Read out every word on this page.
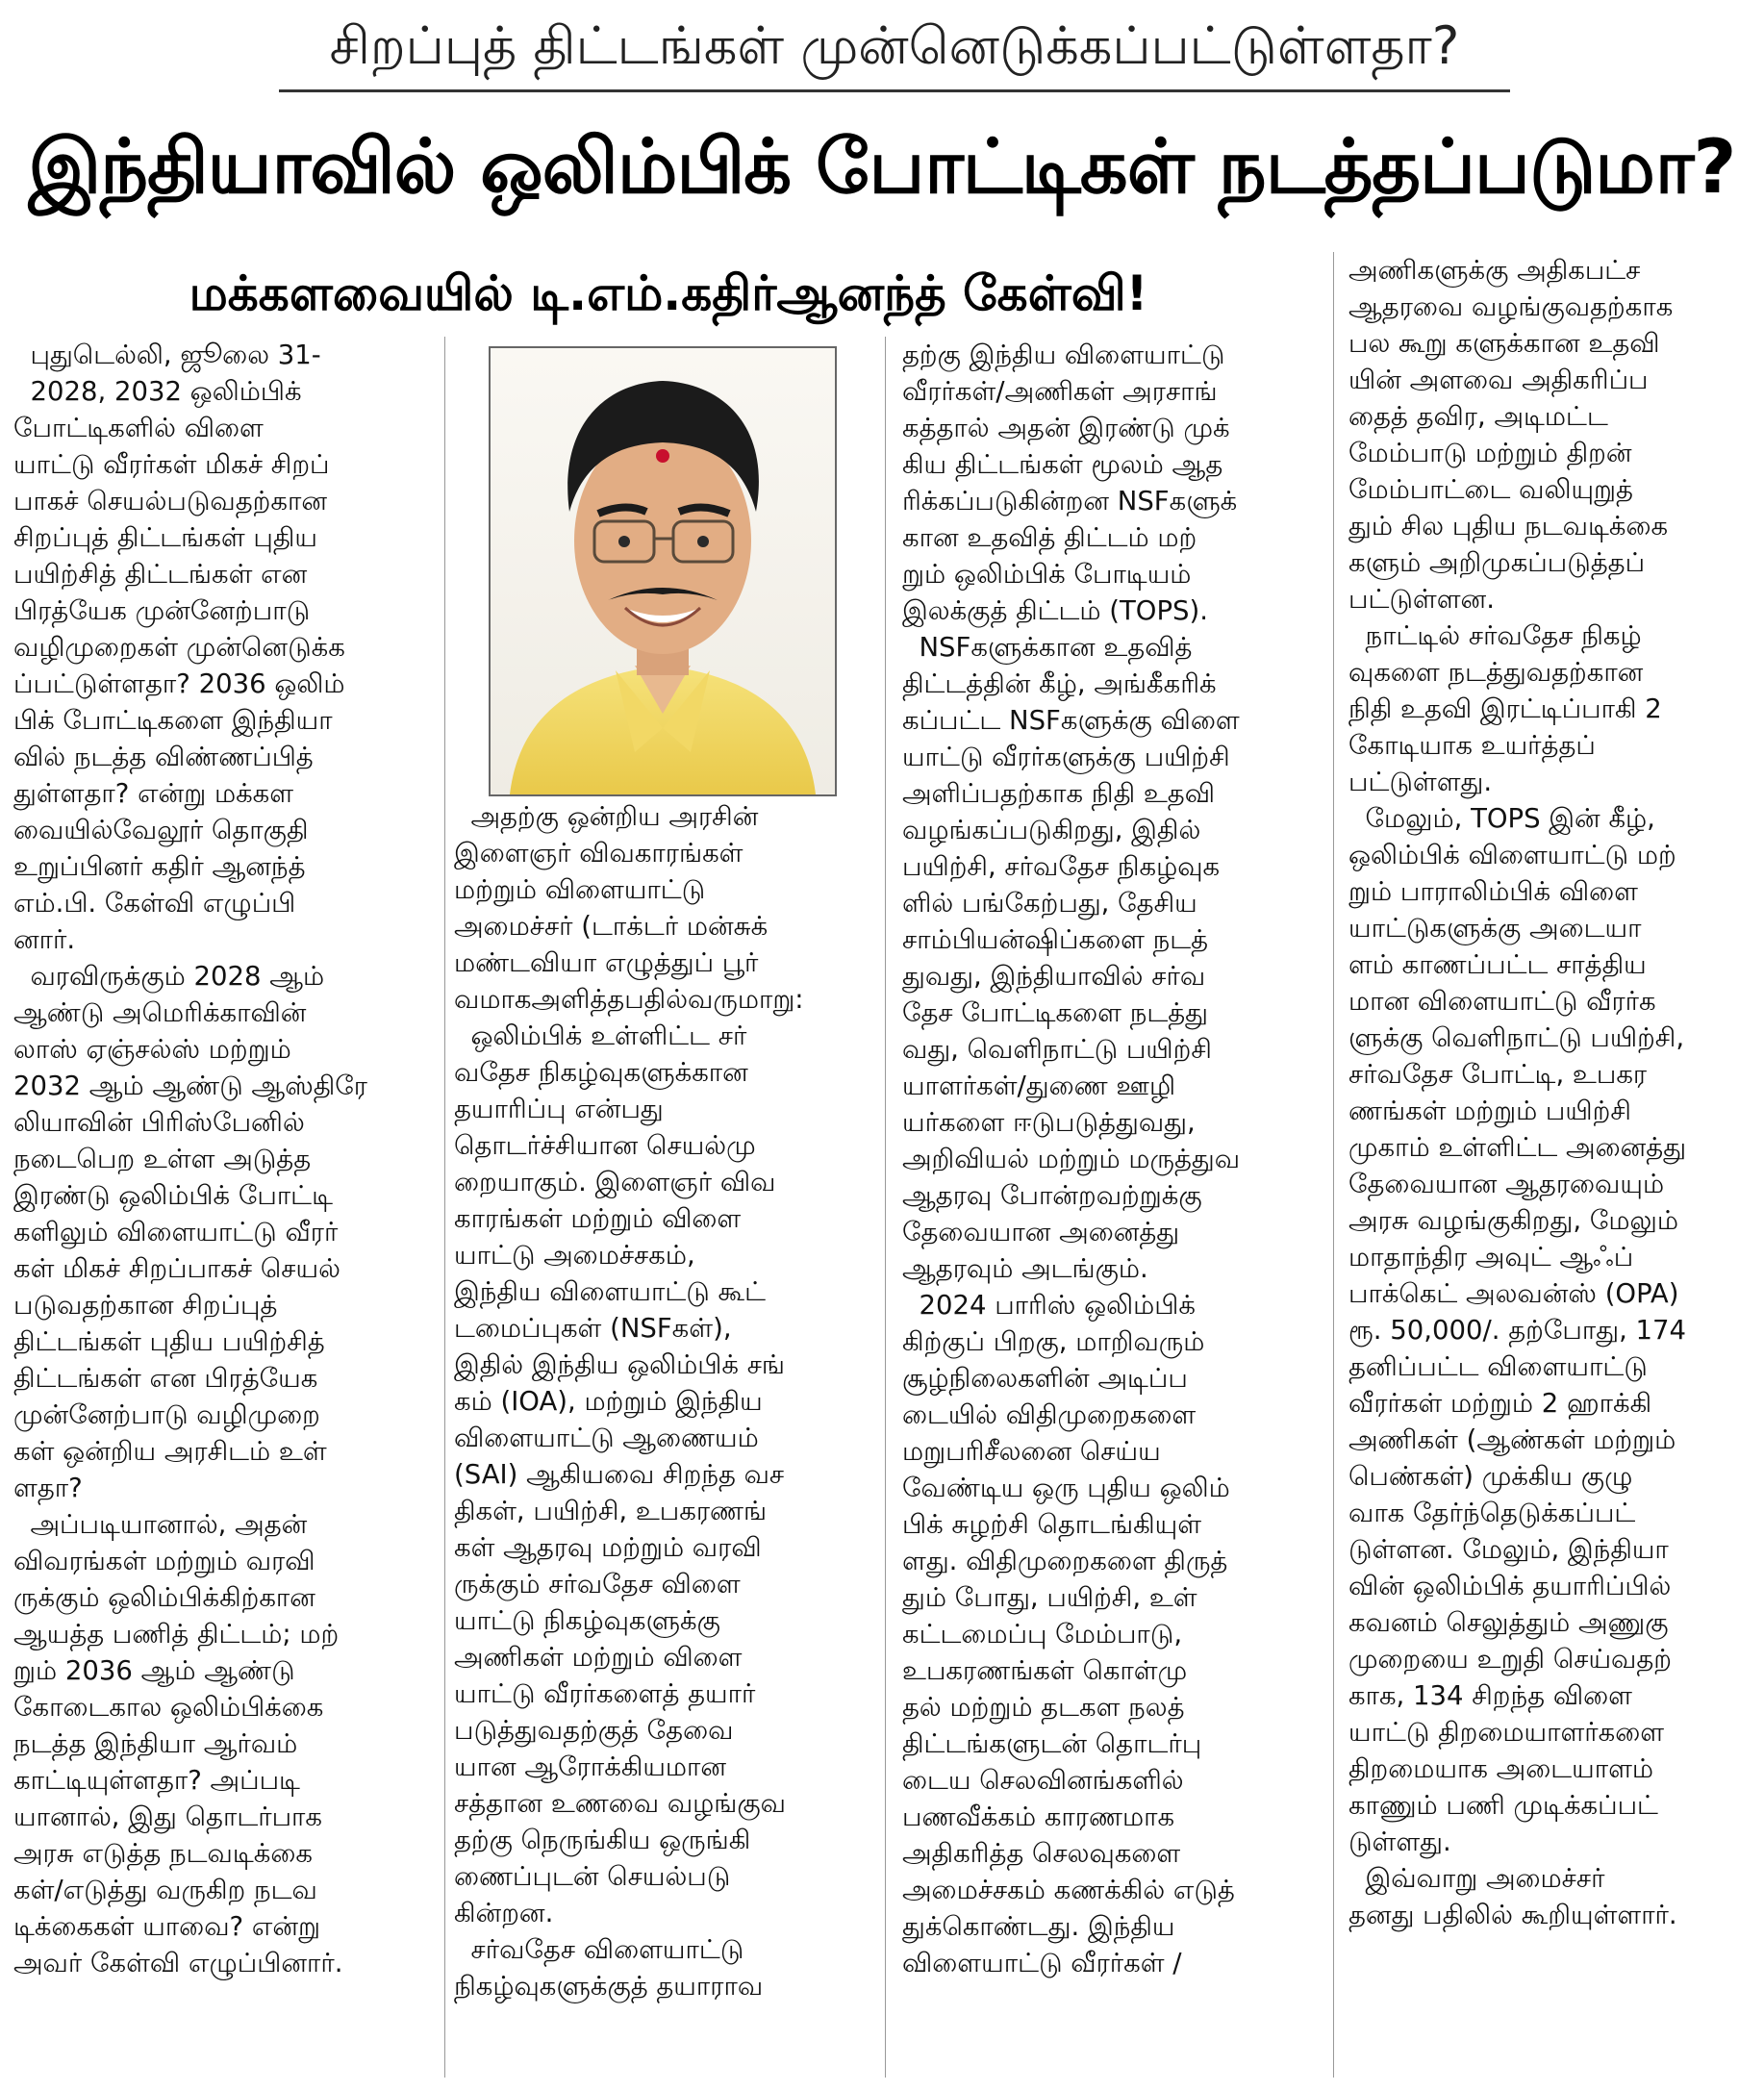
சிறப்புத் திட்டங்கள் முன்னெடுக்கப்பட்டுள்ளதா?
இந்தியாவில் ஒலிம்பிக் போட்டிகள் நடத்தப்படுமா?
மக்களவையில் டி.எம்.கதிர்ஆனந்த் கேள்வி!
புதுடெல்லி, ஜூலை 31-
2028, 2032 ஒலிம்பிக்
போட்டிகளில் விளை
யாட்டு வீரர்கள் மிகச் சிறப்
பாகச் செயல்படுவதற்கான
சிறப்புத் திட்டங்கள் புதிய
பயிற்சித் திட்டங்கள் என
பிரத்யேக முன்னேற்பாடு
வழிமுறைகள் முன்னெடுக்க
ப்பட்டுள்ளதா? 2036 ஒலிம்
பிக் போட்டிகளை இந்தியா
வில் நடத்த விண்ணப்பித்
துள்ளதா? என்று மக்கள
வையில்வேலூர் தொகுதி
உறுப்பினர் கதிர் ஆனந்த்
எம்.பி. கேள்வி எழுப்பி
னார்.
வரவிருக்கும் 2028 ஆம்
ஆண்டு அமெரிக்காவின்
லாஸ் ஏஞ்சல்ஸ் மற்றும்
2032 ஆம் ஆண்டு ஆஸ்திரே
லியாவின் பிரிஸ்பேனில்
நடைபெற உள்ள அடுத்த
இரண்டு ஒலிம்பிக் போட்டி
களிலும் விளையாட்டு வீரர்
கள் மிகச் சிறப்பாகச் செயல்
படுவதற்கான சிறப்புத்
திட்டங்கள் புதிய பயிற்சித்
திட்டங்கள் என பிரத்யேக
முன்னேற்பாடு வழிமுறை
கள் ஒன்றிய அரசிடம் உள்
ளதா?
அப்படியானால், அதன்
விவரங்கள் மற்றும் வரவி
ருக்கும் ஒலிம்பிக்கிற்கான
ஆயத்த பணித் திட்டம்; மற்
றும் 2036 ஆம் ஆண்டு
கோடைகால ஒலிம்பிக்கை
நடத்த இந்தியா ஆர்வம்
காட்டியுள்ளதா? அப்படி
யானால், இது தொடர்பாக
அரசு எடுத்த நடவடிக்கை
கள்/எடுத்து வருகிற நடவ
டிக்கைகள் யாவை? என்று
அவர் கேள்வி எழுப்பினார்.
அதற்கு ஒன்றிய அரசின்
இளைஞர் விவகாரங்கள்
மற்றும் விளையாட்டு
அமைச்சர் (டாக்டர் மன்சுக்
மண்டவியா எழுத்துப் பூர்
வமாகஅளித்தபதில்வருமாறு:
ஒலிம்பிக் உள்ளிட்ட சர்
வதேச நிகழ்வுகளுக்கான
தயாரிப்பு என்பது
தொடர்ச்சியான செயல்மு
றையாகும். இளைஞர் விவ
காரங்கள் மற்றும் விளை
யாட்டு அமைச்சகம்,
இந்திய விளையாட்டு கூட்
டமைப்புகள் (NSFகள்),
இதில் இந்திய ஒலிம்பிக் சங்
கம் (IOA), மற்றும் இந்திய
விளையாட்டு ஆணையம்
(SAI) ஆகியவை சிறந்த வச
திகள், பயிற்சி, உபகரணங்
கள் ஆதரவு மற்றும் வரவி
ருக்கும் சர்வதேச விளை
யாட்டு நிகழ்வுகளுக்கு
அணிகள் மற்றும் விளை
யாட்டு வீரர்களைத் தயார்
படுத்துவதற்குத் தேவை
யான ஆரோக்கியமான
சத்தான உணவை வழங்குவ
தற்கு நெருங்கிய ஒருங்கி
ணைப்புடன் செயல்படு
கின்றன.
சர்வதேச விளையாட்டு
நிகழ்வுகளுக்குத் தயாராவ
தற்கு இந்திய விளையாட்டு
வீரர்கள்/அணிகள் அரசாங்
கத்தால் அதன் இரண்டு முக்
கிய திட்டங்கள் மூலம் ஆத
ரிக்கப்படுகின்றன NSFகளுக்
கான உதவித் திட்டம் மற்
றும் ஒலிம்பிக் போடியம்
இலக்குத் திட்டம் (TOPS).
NSFகளுக்கான உதவித்
திட்டத்தின் கீழ், அங்கீகரிக்
கப்பட்ட NSFகளுக்கு விளை
யாட்டு வீரர்களுக்கு பயிற்சி
அளிப்பதற்காக நிதி உதவி
வழங்கப்படுகிறது, இதில்
பயிற்சி, சர்வதேச நிகழ்வுக
ளில் பங்கேற்பது, தேசிய
சாம்பியன்ஷிப்களை நடத்
துவது, இந்தியாவில் சர்வ
தேச போட்டிகளை நடத்து
வது, வெளிநாட்டு பயிற்சி
யாளர்கள்/துணை ஊழி
யர்களை ஈடுபடுத்துவது,
அறிவியல் மற்றும் மருத்துவ
ஆதரவு போன்றவற்றுக்கு
தேவையான அனைத்து
ஆதரவும் அடங்கும்.
2024 பாரிஸ் ஒலிம்பிக்
கிற்குப் பிறகு, மாறிவரும்
சூழ்நிலைகளின் அடிப்ப
டையில் விதிமுறைகளை
மறுபரிசீலனை செய்ய
வேண்டிய ஒரு புதிய ஒலிம்
பிக் சுழற்சி தொடங்கியுள்
ளது. விதிமுறைகளை திருத்
தும் போது, பயிற்சி, உள்
கட்டமைப்பு மேம்பாடு,
உபகரணங்கள் கொள்மு
தல் மற்றும் தடகள நலத்
திட்டங்களுடன் தொடர்பு
டைய செலவினங்களில்
பணவீக்கம் காரணமாக
அதிகரித்த செலவுகளை
அமைச்சகம் கணக்கில் எடுத்
துக்கொண்டது. இந்திய
விளையாட்டு வீரர்கள் /
அணிகளுக்கு அதிகபட்ச
ஆதரவை வழங்குவதற்காக
பல கூறு களுக்கான உதவி
யின் அளவை அதிகரிப்ப
தைத் தவிர, அடிமட்ட
மேம்பாடு மற்றும் திறன்
மேம்பாட்டை வலியுறுத்
தும் சில புதிய நடவடிக்கை
களும் அறிமுகப்படுத்தப்
பட்டுள்ளன.
நாட்டில் சர்வதேச நிகழ்
வுகளை நடத்துவதற்கான
நிதி உதவி இரட்டிப்பாகி 2
கோடியாக உயர்த்தப்
பட்டுள்ளது.
மேலும், TOPS இன் கீழ்,
ஒலிம்பிக் விளையாட்டு மற்
றும் பாராலிம்பிக் விளை
யாட்டுகளுக்கு அடையா
ளம் காணப்பட்ட சாத்திய
மான விளையாட்டு வீரர்க
ளுக்கு வெளிநாட்டு பயிற்சி,
சர்வதேச போட்டி, உபகர
ணங்கள் மற்றும் பயிற்சி
முகாம் உள்ளிட்ட அனைத்து
தேவையான ஆதரவையும்
அரசு வழங்குகிறது, மேலும்
மாதாந்திர அவுட் ஆஃப்
பாக்கெட் அலவன்ஸ் (OPA)
ரூ. 50,000/. தற்போது, 174
தனிப்பட்ட விளையாட்டு
வீரர்கள் மற்றும் 2 ஹாக்கி
அணிகள் (ஆண்கள் மற்றும்
பெண்கள்) முக்கிய குழு
வாக தேர்ந்தெடுக்கப்பட்
டுள்ளன. மேலும், இந்தியா
வின் ஒலிம்பிக் தயாரிப்பில்
கவனம் செலுத்தும் அணுகு
முறையை உறுதி செய்வதற்
காக, 134 சிறந்த விளை
யாட்டு திறமையாளர்களை
திறமையாக அடையாளம்
காணும் பணி முடிக்கப்பட்
டுள்ளது.
இவ்வாறு அமைச்சர்
தனது பதிலில் கூறியுள்ளார்.
